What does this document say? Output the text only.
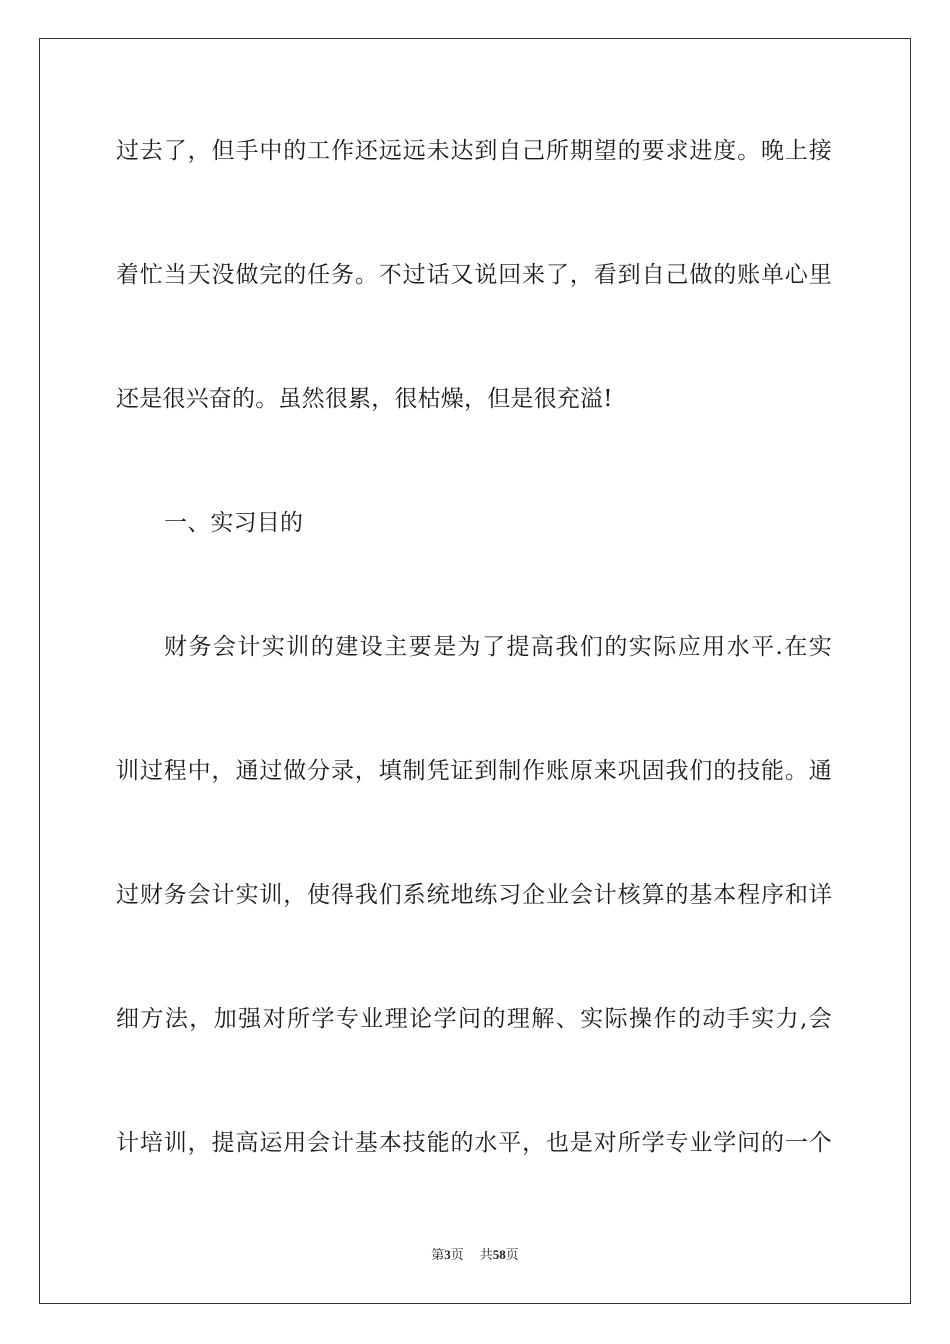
过去了，但手中的工作还远远未达到自己所期望的要求进度。晚上接
着忙当天没做完的任务。不过话又说回来了，看到自己做的账单心里
还是很兴奋的。虽然很累，很枯燥，但是很充溢!
一、实习目的
财务会计实训的建设主要是为了提高我们的实际应用水平.在实
训过程中，通过做分录，填制凭证到制作账原来巩固我们的技能。通
过财务会计实训，使得我们系统地练习企业会计核算的基本程序和详
细方法，加强对所学专业理论学问的理解、实际操作的动手实力,会
计培训，提高运用会计基本技能的水平，也是对所学专业学问的一个
第3页 共58页
